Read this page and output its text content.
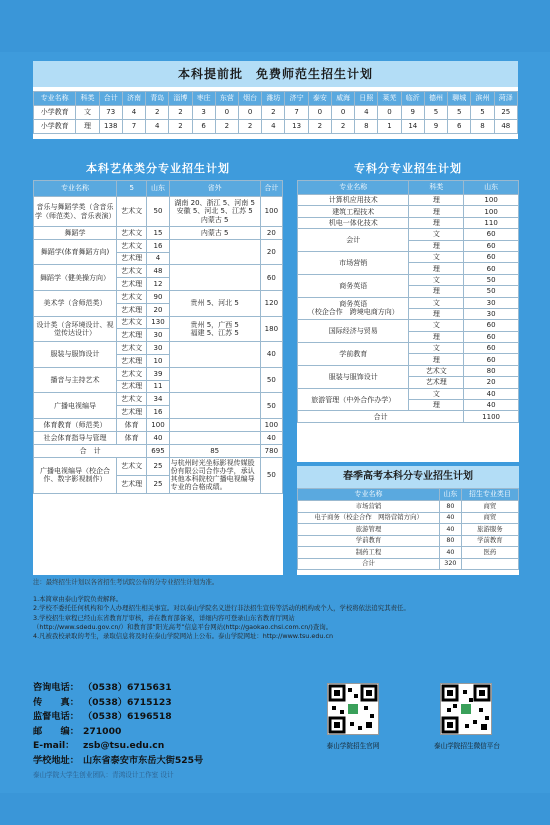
本科提前批　免费师范生招生计划
专业名称	科类	合计	济南	青岛	淄博	枣庄	东营	烟台	潍坊	济宁	泰安	威海	日照	莱芜	临沂	德州	聊城	滨州	菏泽
小学教育	文	73	4	2	2	3	0	0	2	7	0	0	4	0	9	5	5	5	25
小学教育	理	138	7	4	2	6	2	2	4	13	2	2	8	1	14	9	6	8	48
本科艺体类分专业招生计划
专业名称	5	山东	省外	合计
音乐与舞蹈学类（含音乐学（师范类）、音乐表演）	艺术文	50	湖南 20、浙江 5、河南 5
安徽 5、河北 5、江苏 5
内蒙古 5	100
舞蹈学	艺术文	15	内蒙古 5	20
舞蹈学(体育舞蹈方向)	艺术文	16		20
	艺术理	4		
舞蹈学（健美操方向）	艺术文	48		60
	艺术理	12		
美术学（含师范类）	艺术文	90	贵州 5、河北 5	120
	艺术理	20		
设计类（含环境设计、视觉传达设计）	艺术文	130	贵州 5，广西 5
福建 5、江苏 5	180
	艺术理	30		
服装与服饰设计	艺术文	30		40
	艺术理	10		
播音与主持艺术	艺术文	39		50
	艺术理	11		
广播电视编导	艺术文	34		50
	艺术理	16		
体育教育（师范类）	体育	100		100
社会体育指导与管理	体育	40		40
合　计		695	85	780
广播电视编导（校企合作、数字影视制作）	艺术文	25	与杭州时光坐标影视传媒股份有限公司合作办学，承认其他本科院校广播电视编导专业的合格成绩。	50
	艺术理	25		
专科分专业招生计划
专业名称	科类	山东
计算机应用技术	理	100
建筑工程技术	理	100
机电一体化技术	理	110
会计	文	60
	理	60
市场营销	文	60
	理	60
商务英语	文	50
	理	50
商务英语
（校企合作　跨境电商方向）	文	30
	理	30
国际经济与贸易	文	60
	理	60
学前教育	文	60
	理	60
服装与服饰设计	艺术文	80
	艺术理	20
旅游管理（中外合作办学）	文	40
	理	40
合计		1100
春季高考本科分专业招生计划
专业名称	山东	招生专业类目
市场营销	80	商贸
电子商务（校企合作　网络营销方向）	40	商贸
旅游管理	40	旅游服务
学前教育	80	学前教育
制药工程	40	医药
合计	320	
注：最终招生计划以各省招生考试院公布的分专业招生计划为准。
1.本简章由泰山学院负责解释。
2.学校不委托任何机构和个人办理招生相关事宜。对以泰山学院名义进行非法招生宣传等活动的机构或个人，学校将依法追究其责任。
3.学校招生章程已经山东省教育厅审核，并在教育部备案，详细内容可登录山东省教育厅网站
（http://www.sdedu.gov.cn/）和教育部“阳光高考”信息平台网站(http://gaokao.chsi.com.cn/)查询。
4.凡被我校录取的考生，录取信息将及时在泰山学院网站上公布。泰山学院网址：http://www.tsu.edu.cn
咨询电话： （0538）6715631
传　　真： （0538）6715123
监督电话： （0538）6196518
邮　　编： 271000
E-mail： zsb@tsu.edu.cn
学校地址： 山东省泰安市东岳大街525号
泰山学院招生官网	泰山学院招生微信平台
泰山学院大学生创业团队：青鸿设计工作室 设计
